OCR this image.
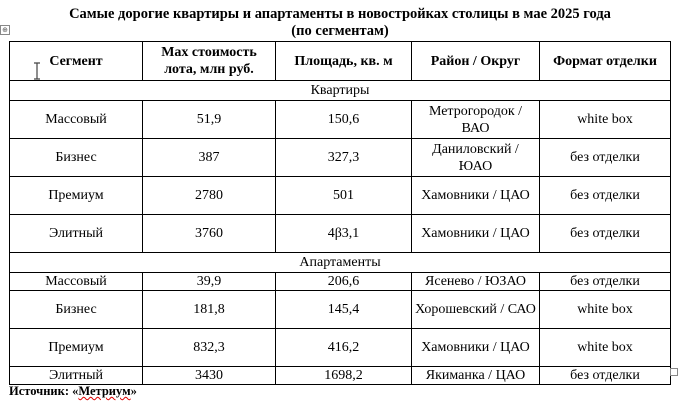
Самые дорогие квартиры и апартаменты в новостройках столицы в мае 2025 года
(по сегментам)
⊕
Сегмент	Max стоимость лота, млн руб.	Площадь, кв. м	Район / Округ	Формат отделки
Квартиры				
Массовый	51,9	150,6	Метрогородок / ВАО	white box
Бизнес	387	327,3	Даниловский / ЮАО	без отделки
Премиум	2780	501	Хамовники / ЦАО	без отделки
Элитный	3760	4β3,1	Хамовники / ЦАО	без отделки
Апартаменты				
Массовый	39,9	206,6	Ясенево / ЮЗАО	без отделки
Бизнес	181,8	145,4	Хорошевский / САО	white box
Премиум	832,3	416,2	Хамовники / ЦАО	white box
Элитный	3430	1698,2	Якиманка / ЦАО	без отделки
Источник: «Метриум»
